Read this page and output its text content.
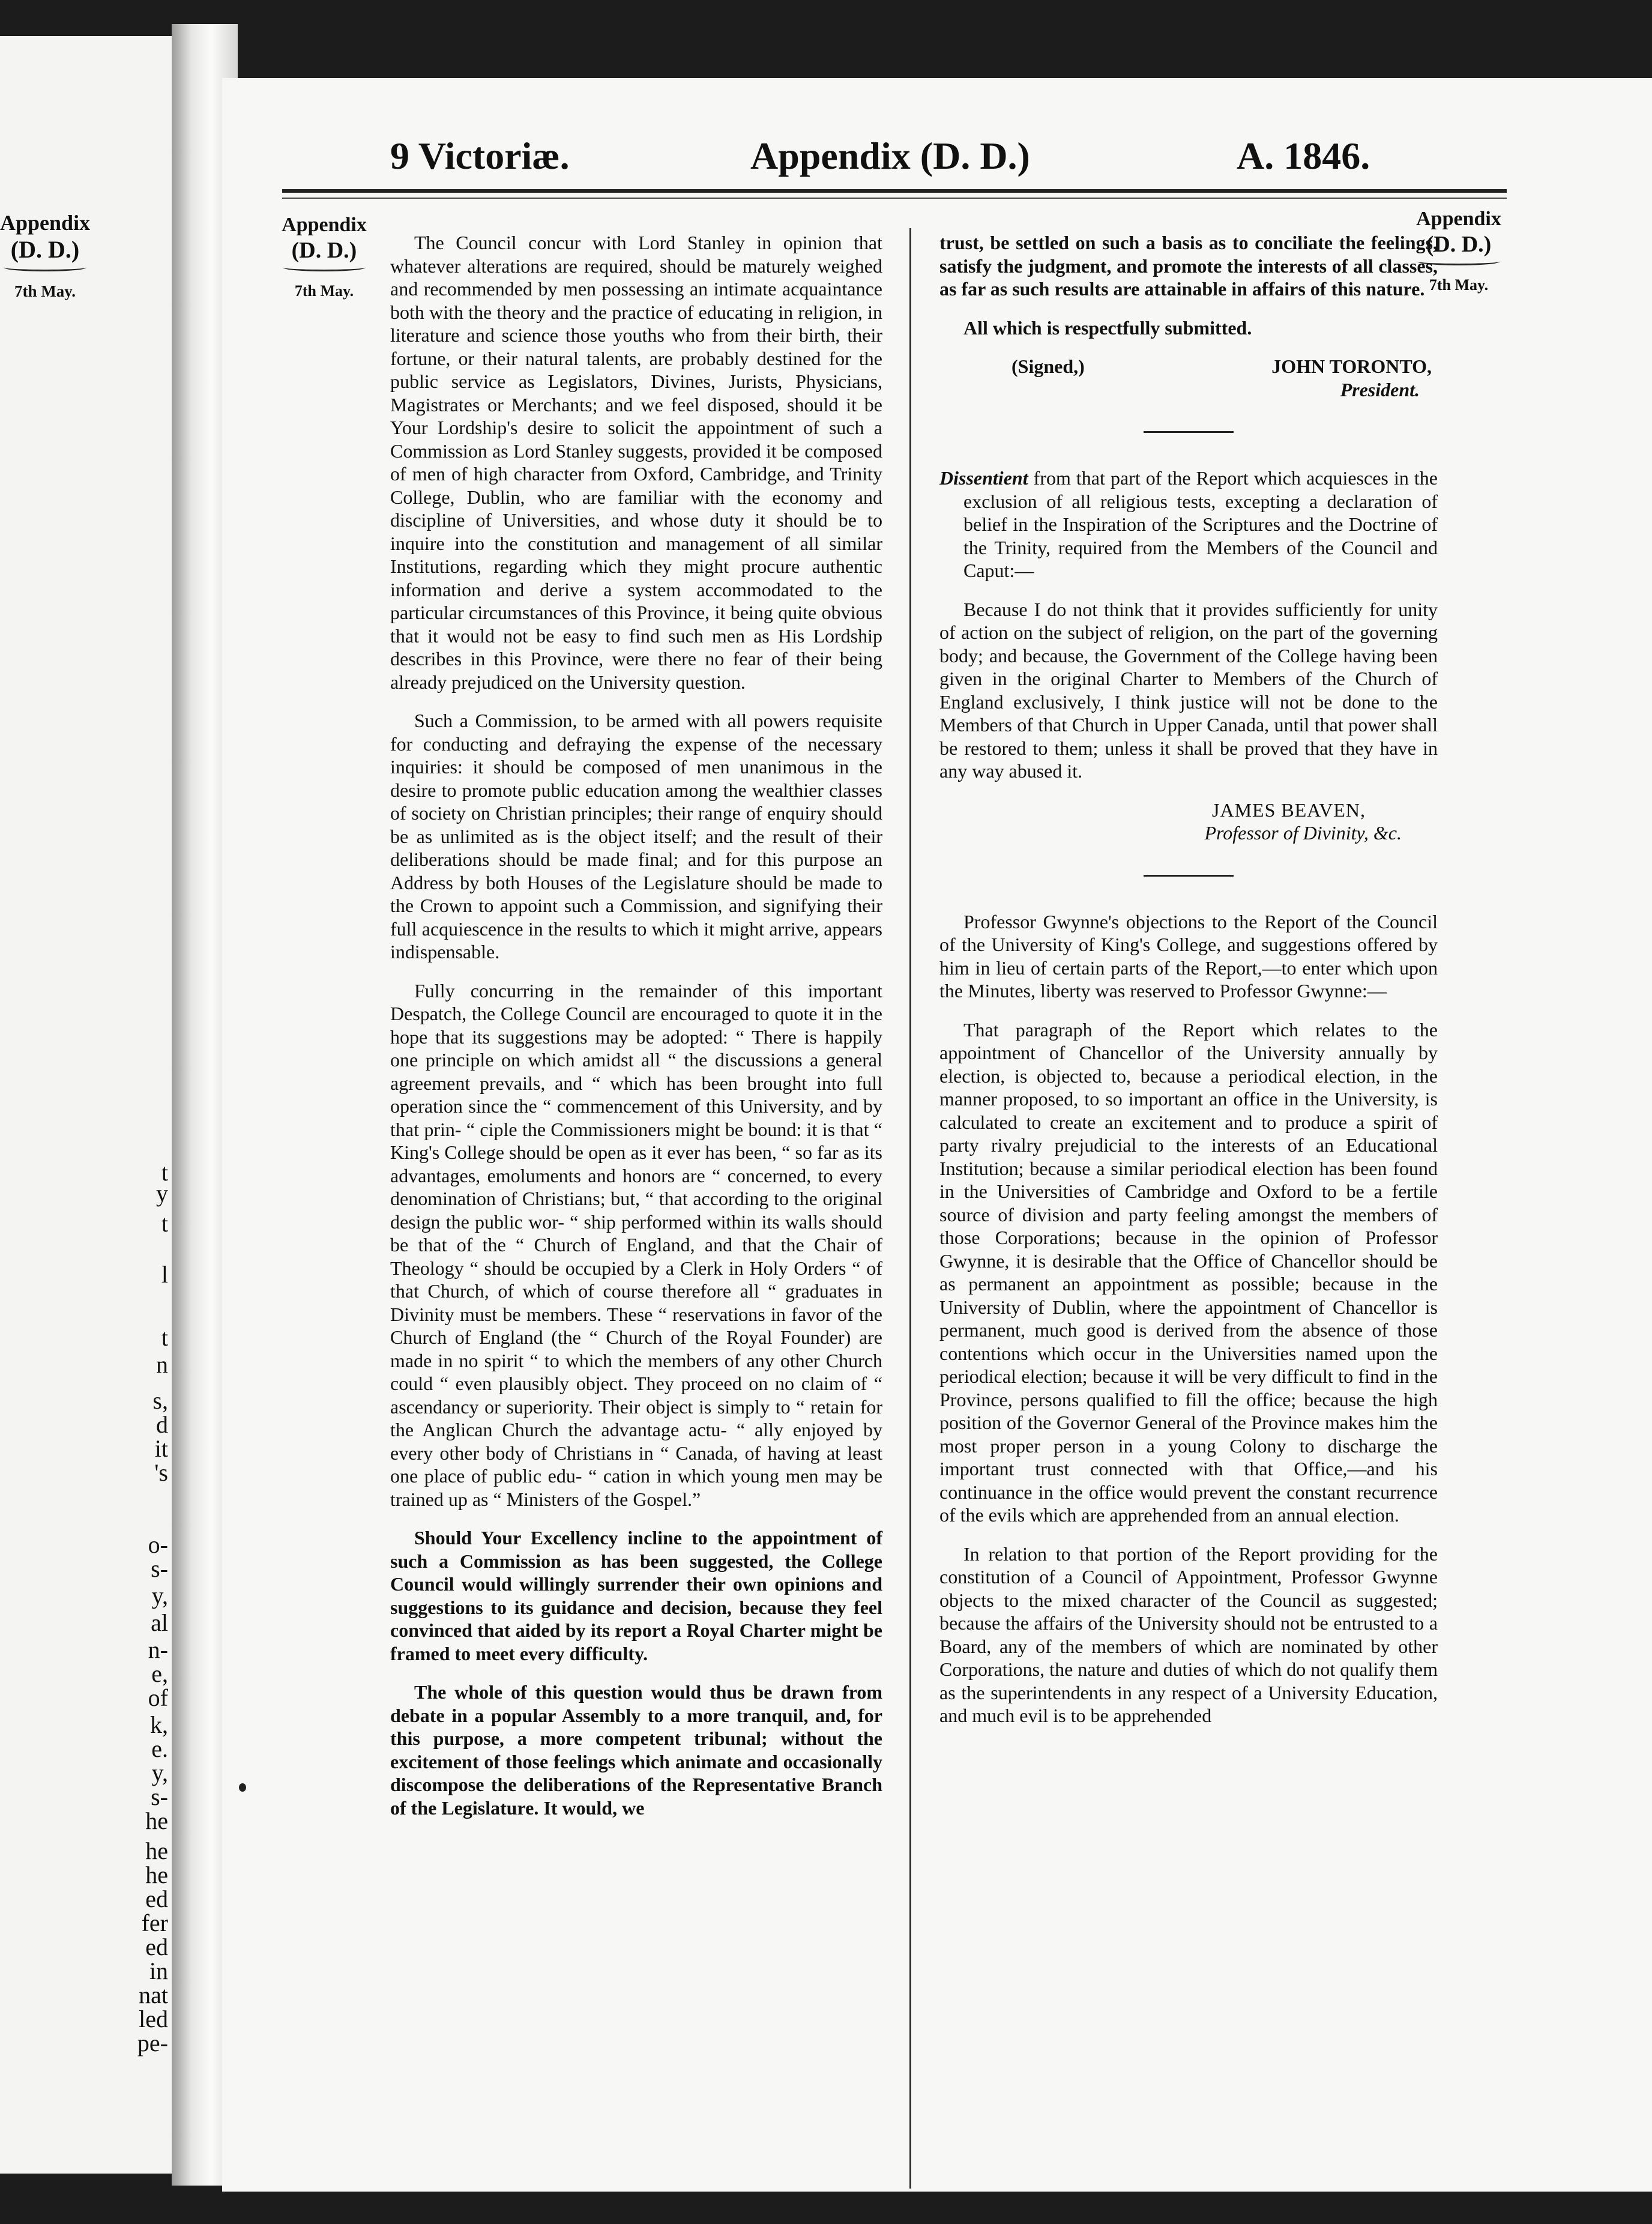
Appendix
(D. D.)
7th May.
t
y
t
l
t
n
s,
d
it
's
o-
s-
y,
al
n-
e,
of
k,
e.
y,
s-
he
he
he
ed
fer
ed
in
nat
led
pe-
9 Victoriæ.	Appendix (D. D.)	A. 1846.
Appendix
(D. D.)
7th May.
Appendix
(D. D.)
7th May.

The Council concur with Lord Stanley in opinion that whatever alterations are required, should be maturely weighed and recommended by men possessing an intimate acquaintance both with the theory and the practice of educating in religion, in literature and science those youths who from their birth, their fortune, or their natural talents, are probably destined for the public service as Legislators, Divines, Jurists, Physicians, Magistrates or Merchants; and we feel disposed, should it be Your Lordship's desire to solicit the appointment of such a Commission as Lord Stanley suggests, provided it be composed of men of high character from Oxford, Cambridge, and Trinity College, Dublin, who are familiar with the economy and discipline of Universities, and whose duty it should be to inquire into the constitution and management of all similar Institutions, regarding which they might procure authentic information and derive a system accommodated to the particular circumstances of this Province, it being quite obvious that it would not be easy to find such men as His Lordship describes in this Province, were there no fear of their being already prejudiced on the University question.

Such a Commission, to be armed with all powers requisite for conducting and defraying the expense of the necessary inquiries: it should be composed of men unanimous in the desire to promote public education among the wealthier classes of society on Christian principles; their range of enquiry should be as unlimited as is the object itself; and the result of their deliberations should be made final; and for this purpose an Address by both Houses of the Legislature should be made to the Crown to appoint such a Commission, and signifying their full acquiescence in the results to which it might arrive, appears indispensable.

Fully concurring in the remainder of this important Despatch, the College Council are encouraged to quote it in the hope that its suggestions may be adopted: “ There is happily one principle on which amidst all “ the discussions a general agreement prevails, and “ which has been brought into full operation since the “ commencement of this University, and by that prin- “ ciple the Commissioners might be bound: it is that “ King's College should be open as it ever has been, “ so far as its advantages, emoluments and honors are “ concerned, to every denomination of Christians; but, “ that according to the original design the public wor- “ ship performed within its walls should be that of the “ Church of England, and that the Chair of Theology “ should be occupied by a Clerk in Holy Orders “ of that Church, of which of course therefore all “ graduates in Divinity must be members. These “ reservations in favor of the Church of England (the “ Church of the Royal Founder) are made in no spirit “ to which the members of any other Church could “ even plausibly object. They proceed on no claim of “ ascendancy or superiority. Their object is simply to “ retain for the Anglican Church the advantage actu- “ ally enjoyed by every other body of Christians in “ Canada, of having at least one place of public edu- “ cation in which young men may be trained up as “ Ministers of the Gospel.”

Should Your Excellency incline to the appointment of such a Commission as has been suggested, the College Council would willingly surrender their own opinions and suggestions to its guidance and decision, because they feel convinced that aided by its report a Royal Charter might be framed to meet every difficulty.

The whole of this question would thus be drawn from debate in a popular Assembly to a more tranquil, and, for this purpose, a more competent tribunal; without the excitement of those feelings which animate and occasionally discompose the deliberations of the Representative Branch of the Legislature. It would, we

trust, be settled on such a basis as to conciliate the feelings, satisfy the judgment, and promote the interests of all classes, as far as such results are attainable in affairs of this nature.

All which is respectfully submitted.

(Signed,)	JOHN TORONTO,
President.

Dissentient from that part of the Report which acquiesces in the exclusion of all religious tests, excepting a declaration of belief in the Inspiration of the Scriptures and the Doctrine of the Trinity, required from the Members of the Council and Caput:—

Because I do not think that it provides sufficiently for unity of action on the subject of religion, on the part of the governing body; and because, the Government of the College having been given in the original Charter to Members of the Church of England exclusively, I think justice will not be done to the Members of that Church in Upper Canada, until that power shall be restored to them; unless it shall be proved that they have in any way abused it.

JAMES BEAVEN,
Professor of Divinity, &c.

Professor Gwynne's objections to the Report of the Council of the University of King's College, and suggestions offered by him in lieu of certain parts of the Report,—to enter which upon the Minutes, liberty was reserved to Professor Gwynne:—

That paragraph of the Report which relates to the appointment of Chancellor of the University annually by election, is objected to, because a periodical election, in the manner proposed, to so important an office in the University, is calculated to create an excitement and to produce a spirit of party rivalry prejudicial to the interests of an Educational Institution; because a similar periodical election has been found in the Universities of Cambridge and Oxford to be a fertile source of division and party feeling amongst the members of those Corporations; because in the opinion of Professor Gwynne, it is desirable that the Office of Chancellor should be as permanent an appointment as possible; because in the University of Dublin, where the appointment of Chancellor is permanent, much good is derived from the absence of those contentions which occur in the Universities named upon the periodical election; because it will be very difficult to find in the Province, persons qualified to fill the office; because the high position of the Governor General of the Province makes him the most proper person in a young Colony to discharge the important trust connected with that Office,—and his continuance in the office would prevent the constant recurrence of the evils which are apprehended from an annual election.

In relation to that portion of the Report providing for the constitution of a Council of Appointment, Professor Gwynne objects to the mixed character of the Council as suggested; because the affairs of the University should not be entrusted to a Board, any of the members of which are nominated by other Corporations, the nature and duties of which do not qualify them as the superintendents in any respect of a University Education, and much evil is to be apprehended
